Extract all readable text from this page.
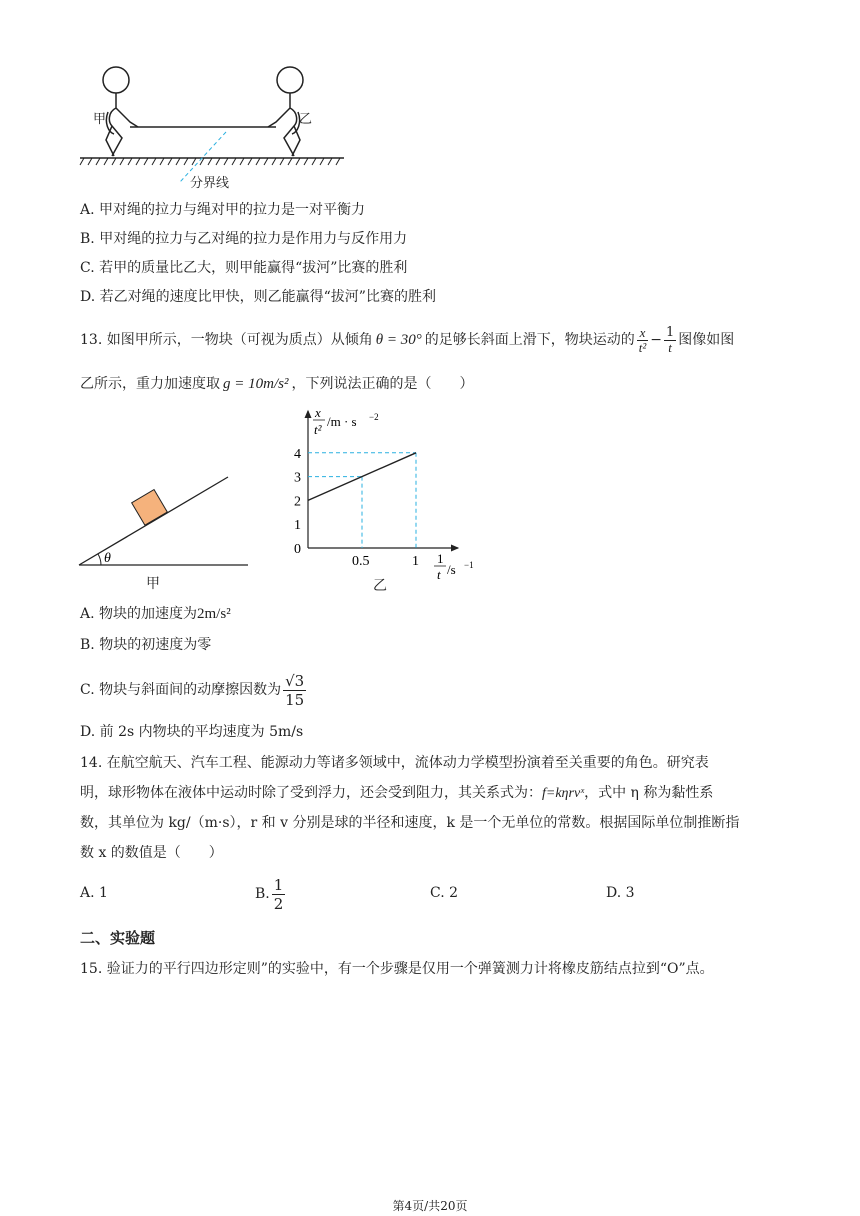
甲	乙
分界线
A. 甲对绳的拉力与绳对甲的拉力是一对平衡力
B. 甲对绳的拉力与乙对绳的拉力是作用力与反作用力
C. 若甲的质量比乙大，则甲能赢得“拔河”比赛的胜利
D. 若乙对绳的速度比甲快，则乙能赢得“拔河”比赛的胜利
13. 如图甲所示，一物块（可视为质点）从倾角 θ = 30° 的足够长斜面上滑下，物块运动的 $\frac{x}{\text{t²}} - \frac{1}{t}$ 图像如图
乙所示，重力加速度取 g = 10m/s² ，下列说法正确的是（　　）
θ
甲
0
1
2
3
4
0.5	1
x
t²
/m · s −2
1
t /s −1
乙
A. 物块的加速度为2m/s²
B. 物块的初速度为零
C. 物块与斜面间的动摩擦因数为 $\frac{√3}{15}$
D. 前 2s 内物块的平均速度为 5m/s
14. 在航空航天、汽车工程、能源动力等诸多领域中，流体动力学模型扮演着至关重要的角色。研究表
明，球形物体在液体中运动时除了受到浮力，还会受到阻力，其关系式为：f=kηrvˣ，式中 η 称为黏性系
数，其单位为 kg/（m·s），r 和 v 分别是球的半径和速度，k 是一个无单位的常数。根据国际单位制推断指
数 x 的数值是（　　）
A. 1	B. $\frac{1}{2}$	C. 2	D. 3
二、实验题
15. 验证力的平行四边形定则”的实验中，有一个步骤是仅用一个弹簧测力计将橡皮筋结点拉到“O”点。
第4页/共20页
